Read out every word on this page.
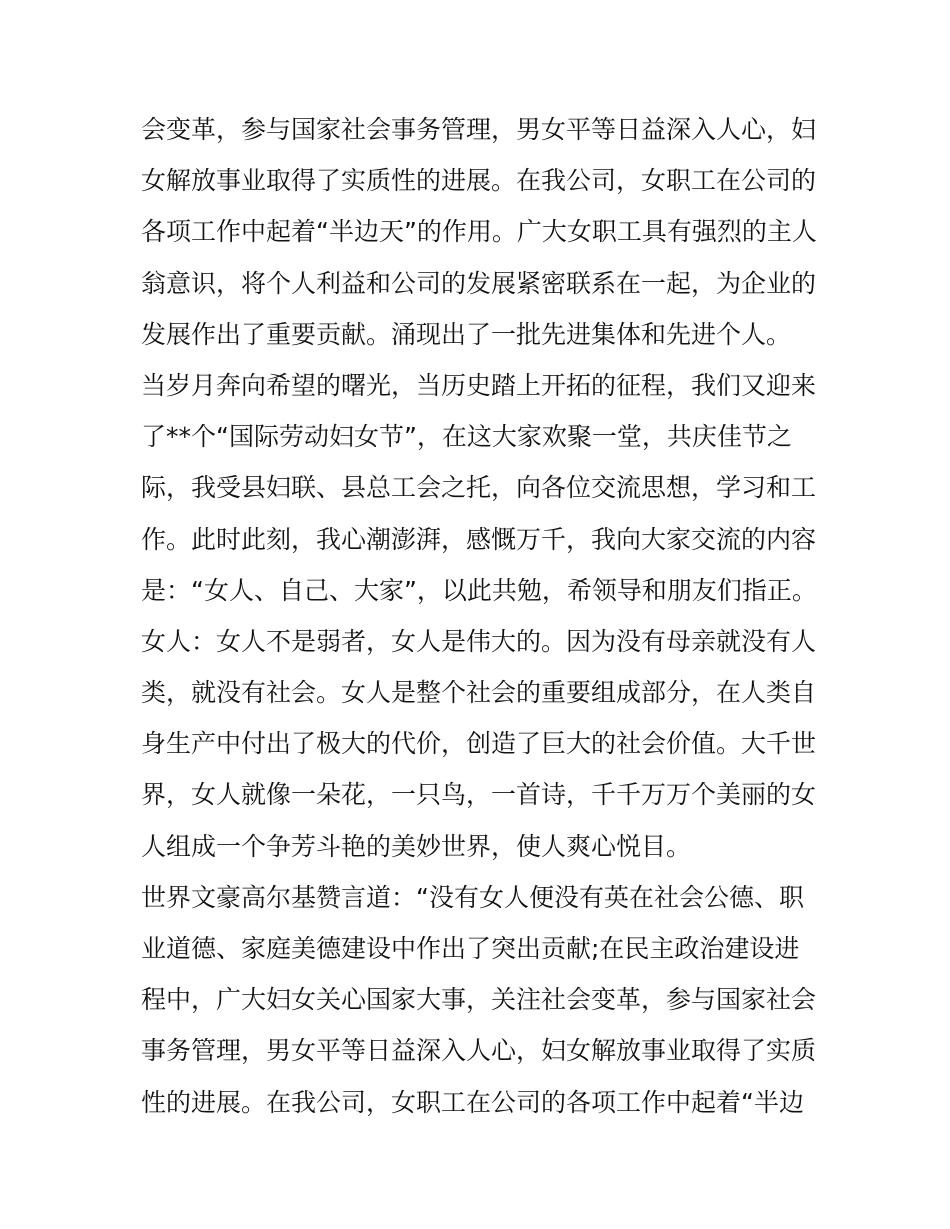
会变革，参与国家社会事务管理，男女平等日益深入人心，妇
女解放事业取得了实质性的进展。在我公司，女职工在公司的
各项工作中起着“半边天”的作用。广大女职工具有强烈的主人
翁意识，将个人利益和公司的发展紧密联系在一起，为企业的
发展作出了重要贡献。涌现出了一批先进集体和先进个人。
当岁月奔向希望的曙光，当历史踏上开拓的征程，我们又迎来
了**个“国际劳动妇女节”，在这大家欢聚一堂，共庆佳节之
际，我受县妇联、县总工会之托，向各位交流思想，学习和工
作。此时此刻，我心潮澎湃，感慨万千，我向大家交流的内容
是：“女人、自己、大家”，以此共勉，希领导和朋友们指正。
女人：女人不是弱者，女人是伟大的。因为没有母亲就没有人
类，就没有社会。女人是整个社会的重要组成部分，在人类自
身生产中付出了极大的代价，创造了巨大的社会价值。大千世
界，女人就像一朵花，一只鸟，一首诗，千千万万个美丽的女
人组成一个争芳斗艳的美妙世界，使人爽心悦目。
世界文豪高尔基赞言道：“没有女人便没有英在社会公德、职
业道德、家庭美德建设中作出了突出贡献;在民主政治建设进
程中，广大妇女关心国家大事，关注社会变革，参与国家社会
事务管理，男女平等日益深入人心，妇女解放事业取得了实质
性的进展。在我公司，女职工在公司的各项工作中起着“半边
